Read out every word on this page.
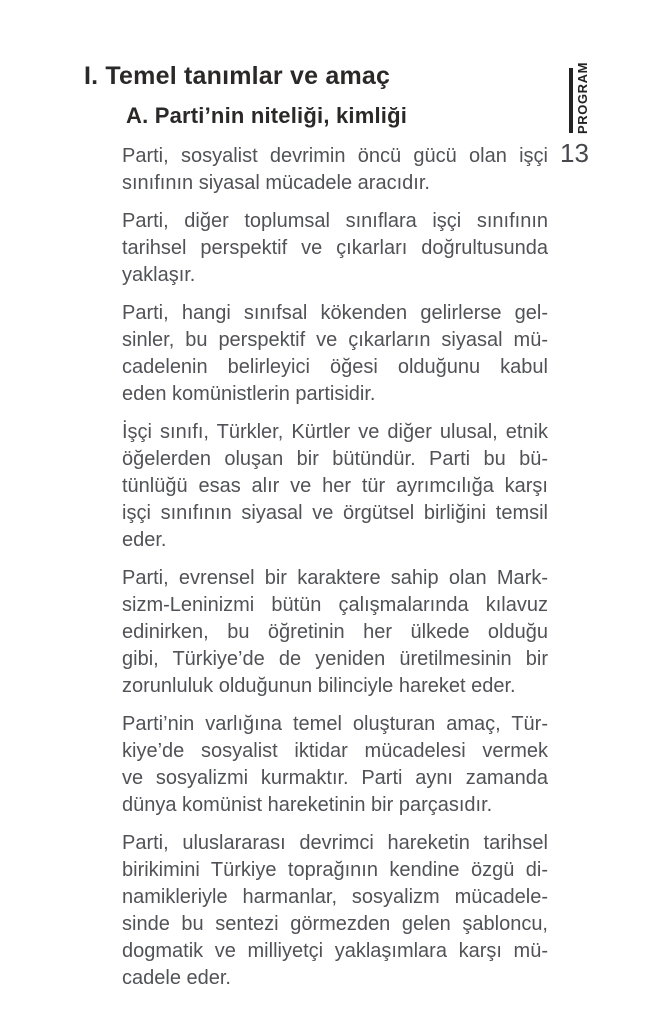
I. Temel tanımlar ve amaç
A. Parti’nin niteliği, kimliği
Parti, sosyalist devrimin öncü gücü olan işçi
sınıfının siyasal mücadele aracıdır.
Parti, diğer toplumsal sınıflara işçi sınıfının
tarihsel perspektif ve çıkarları doğrultusunda
yaklaşır.
Parti, hangi sınıfsal kökenden gelirlerse gel-
sinler, bu perspektif ve çıkarların siyasal mü-
cadelenin belirleyici öğesi olduğunu kabul
eden komünistlerin partisidir.
İşçi sınıfı, Türkler, Kürtler ve diğer ulusal, etnik
öğelerden oluşan bir bütündür. Parti bu bü-
tünlüğü esas alır ve her tür ayrımcılığa karşı
işçi sınıfının siyasal ve örgütsel birliğini temsil
eder.
Parti, evrensel bir karaktere sahip olan Mark-
sizm-Leninizmi bütün çalışmalarında kılavuz
edinirken, bu öğretinin her ülkede olduğu
gibi, Türkiye’de de yeniden üretilmesinin bir
zorunluluk olduğunun bilinciyle hareket eder.
Parti’nin varlığına temel oluşturan amaç, Tür-
kiye’de sosyalist iktidar mücadelesi vermek
ve sosyalizmi kurmaktır. Parti aynı zamanda
dünya komünist hareketinin bir parçasıdır.
Parti, uluslararası devrimci hareketin tarihsel
birikimini Türkiye toprağının kendine özgü di-
namikleriyle harmanlar, sosyalizm mücadele-
sinde bu sentezi görmezden gelen şabloncu,
dogmatik ve milliyetçi yaklaşımlara karşı mü-
cadele eder.
PROGRAM
13
